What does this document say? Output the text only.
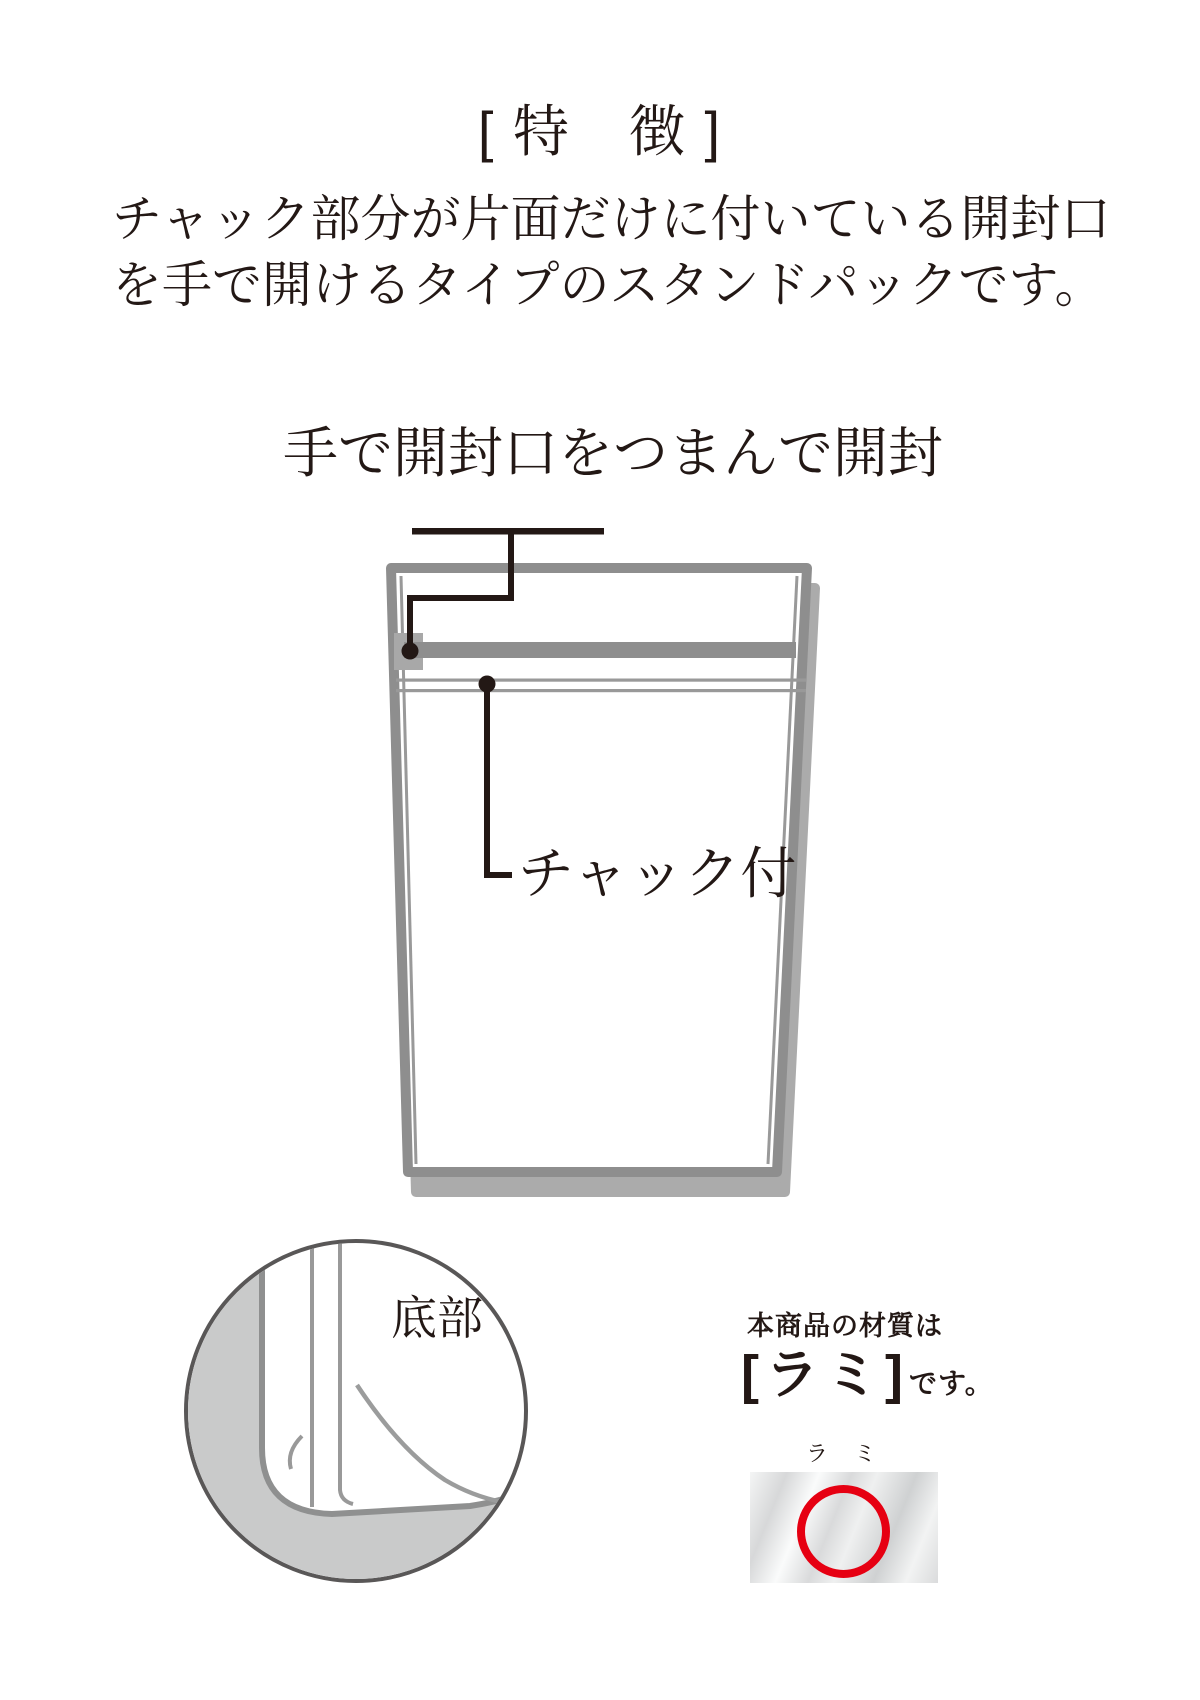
[ 特　徴 ]
チャック部分が片面だけに付いている開封口
を手で開けるタイプのスタンドパックです。
手で開封口をつまんで開封
チャック付
底部	本商品の材質は
[ラミ]です。
ラ　ミ
